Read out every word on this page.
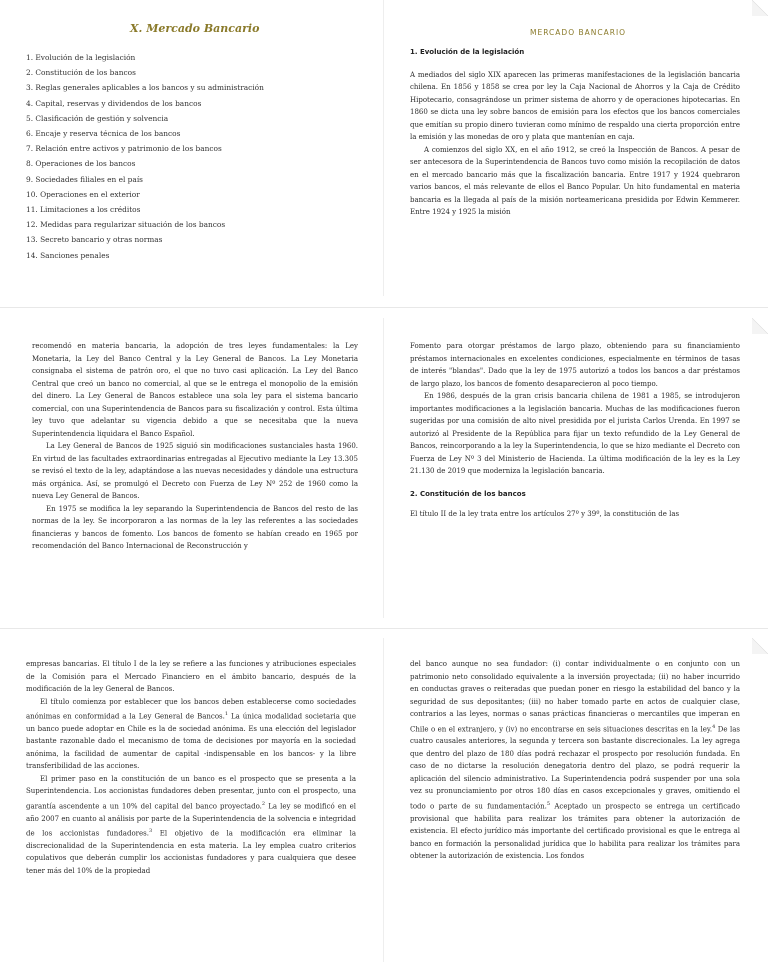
X. Mercado Bancario
1. Evolución de la legislación
2. Constitución de los bancos
3. Reglas generales aplicables a los bancos y su administración
4. Capital, reservas y dividendos de los bancos
5. Clasificación de gestión y solvencia
6. Encaje y reserva técnica de los bancos
7. Relación entre activos y patrimonio de los bancos
8. Operaciones de los bancos
9. Sociedades filiales en el país
10. Operaciones en el exterior
11. Limitaciones a los créditos
12. Medidas para regularizar situación de los bancos
13. Secreto bancario y otras normas
14. Sanciones penales
MERCADO BANCARIO

1. Evolución de la legislación

A mediados del siglo XIX aparecen las primeras manifestaciones de la legislación bancaria chilena. En 1856 y 1858 se crea por ley la Caja Nacional de Ahorros y la Caja de Crédito Hipotecario, consagrándose un primer sistema de ahorro y de operaciones hipotecarias. En 1860 se dicta una ley sobre bancos de emisión para los efectos que los bancos comerciales que emitían su propio dinero tuvieran como mínimo de respaldo una cierta proporción entre la emisión y las monedas de oro y plata que mantenían en caja.

A comienzos del siglo XX, en el año 1912, se creó la Inspección de Bancos. A pesar de ser antecesora de la Superintendencia de Bancos tuvo como misión la recopilación de datos en el mercado bancario más que la fiscalización bancaria. Entre 1917 y 1924 quebraron varios bancos, el más relevante de ellos el Banco Popular. Un hito fundamental en materia bancaria es la llegada al país de la misión norteamericana presidida por Edwin Kemmerer. Entre 1924 y 1925 la misión

recomendó en materia bancaria, la adopción de tres leyes fundamentales: la Ley Monetaria, la Ley del Banco Central y la Ley General de Bancos. La Ley Monetaria consignaba el sistema de patrón oro, el que no tuvo casi aplicación. La Ley del Banco Central que creó un banco no comercial, al que se le entrega el monopolio de la emisión del dinero. La Ley General de Bancos establece una sola ley para el sistema bancario comercial, con una Superintendencia de Bancos para su fiscalización y control. Esta última ley tuvo que adelantar su vigencia debido a que se necesitaba que la nueva Superintendencia liquidara el Banco Español.

La Ley General de Bancos de 1925 siguió sin modificaciones sustanciales hasta 1960. En virtud de las facultades extraordinarias entregadas al Ejecutivo mediante la Ley 13.305 se revisó el texto de la ley, adaptándose a las nuevas necesidades y dándole una estructura más orgánica. Así, se promulgó el Decreto con Fuerza de Ley Nº 252 de 1960 como la nueva Ley General de Bancos.

En 1975 se modifica la ley separando la Superintendencia de Bancos del resto de las normas de la ley. Se incorporaron a las normas de la ley las referentes a las sociedades financieras y bancos de fomento. Los bancos de fomento se habían creado en 1965 por recomendación del Banco Internacional de Reconstrucción y

Fomento para otorgar préstamos de largo plazo, obteniendo para su financiamiento préstamos internacionales en excelentes condiciones, especialmente en términos de tasas de interés "blandas". Dado que la ley de 1975 autorizó a todos los bancos a dar préstamos de largo plazo, los bancos de fomento desaparecieron al poco tiempo.

En 1986, después de la gran crisis bancaria chilena de 1981 a 1985, se introdujeron importantes modificaciones a la legislación bancaria. Muchas de las modificaciones fueron sugeridas por una comisión de alto nivel presidida por el jurista Carlos Urenda. En 1997 se autorizó al Presidente de la República para fijar un texto refundido de la Ley General de Bancos, reincorporando a la ley la Superintendencia, lo que se hizo mediante el Decreto con Fuerza de Ley Nº 3 del Ministerio de Hacienda. La última modificación de la ley es la Ley 21.130 de 2019 que moderniza la legislación bancaria.

2. Constitución de los bancos

El título II de la ley trata entre los artículos 27º y 39º, la constitución de las

empresas bancarias. El título I de la ley se refiere a las funciones y atribuciones especiales de la Comisión para el Mercado Financiero en el ámbito bancario, después de la modificación de la ley General de Bancos.

El título comienza por establecer que los bancos deben establecerse como sociedades anónimas en conformidad a la Ley General de Bancos.$^1$ La única modalidad societaria que un banco puede adoptar en Chile es la de sociedad anónima. Es una elección del legislador bastante razonable dado el mecanismo de toma de decisiones por mayoría en la sociedad anónima, la facilidad de aumentar de capital -indispensable en los bancos- y la libre transferibilidad de las acciones.

El primer paso en la constitución de un banco es el prospecto que se presenta a la Superintendencia. Los accionistas fundadores deben presentar, junto con el prospecto, una garantía ascendente a un 10% del capital del banco proyectado.$^2$ La ley se modificó en el año 2007 en cuanto al análisis por parte de la Superintendencia de la solvencia e integridad de los accionistas fundadores.$^3$ El objetivo de la modificación era eliminar la discrecionalidad de la Superintendencia en esta materia. La ley emplea cuatro criterios copulativos que deberán cumplir los accionistas fundadores y para cualquiera que desee tener más del 10% de la propiedad

del banco aunque no sea fundador: (i) contar individualmente o en conjunto con un patrimonio neto consolidado equivalente a la inversión proyectada; (ii) no haber incurrido en conductas graves o reiteradas que puedan poner en riesgo la estabilidad del banco y la seguridad de sus depositantes; (iii) no haber tomado parte en actos de cualquier clase, contrarios a las leyes, normas o sanas prácticas financieras o mercantiles que imperan en Chile o en el extranjero, y (iv) no encontrarse en seis situaciones descritas en la ley.$^4$ De las cuatro causales anteriores, la segunda y tercera son bastante discrecionales. La ley agrega que dentro del plazo de 180 días podrá rechazar el prospecto por resolución fundada. En caso de no dictarse la resolución denegatoria dentro del plazo, se podrá requerir la aplicación del silencio administrativo. La Superintendencia podrá suspender por una sola vez su pronunciamiento por otros 180 días en casos excepcionales y graves, omitiendo el todo o parte de su fundamentación.$^5$ Aceptado un prospecto se entrega un certificado provisional que habilita para realizar los trámites para obtener la autorización de existencia. El efecto jurídico más importante del certificado provisional es que le entrega al banco en formación la personalidad jurídica que lo habilita para realizar los trámites para obtener la autorización de existencia. Los fondos
